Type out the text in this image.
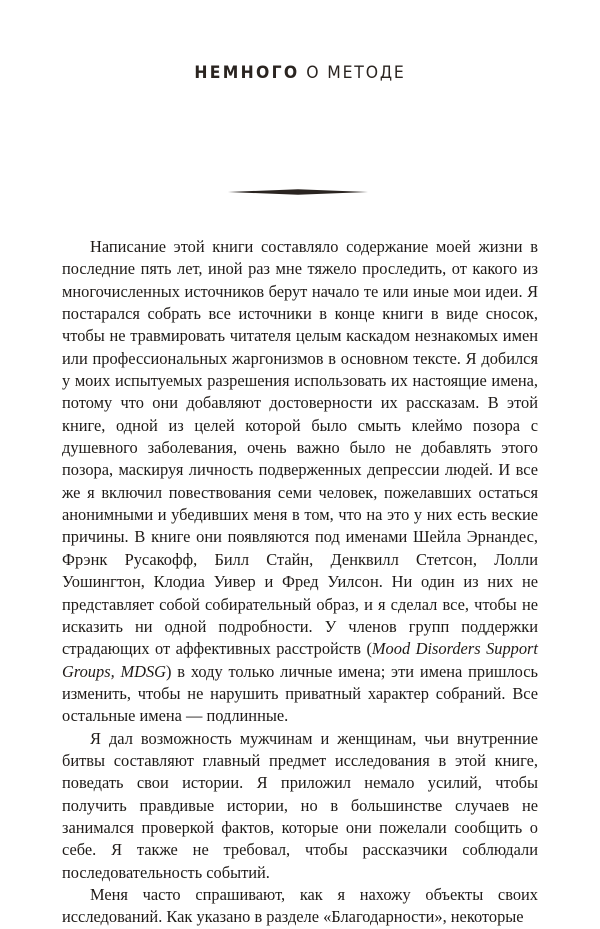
НЕМНОГО О МЕТОДЕ

Написание этой книги составляло содержание моей жизни в последние пять лет, иной раз мне тяжело проследить, от какого из многочисленных источников берут начало те или иные мои идеи. Я постарался собрать все источники в конце книги в виде сносок, чтобы не травмировать читателя целым каскадом незнакомых имен или профессиональных жаргонизмов в основном тексте. Я добился у моих испытуемых разрешения использовать их настоящие имена, потому что они добавляют достоверности их рассказам. В этой книге, одной из целей которой было смыть клеймо позора с душевного заболевания, очень важно было не добавлять этого позора, маскируя личность подверженных депрессии людей. И все же я включил повествования семи человек, пожелавших остаться анонимными и убедивших меня в том, что на это у них есть веские причины. В книге они появляются под именами Шейла Эрнандес, Фрэнк Русакофф, Билл Стайн, Денквилл Стетсон, Лолли Уошингтон, Клодиа Уивер и Фред Уилсон. Ни один из них не представляет собой собирательный образ, и я сделал все, чтобы не исказить ни одной подробности. У членов групп поддержки страдающих от аффективных расстройств (Mood Disorders Support Groups, MDSG) в ходу только личные имена; эти имена пришлось изменить, чтобы не нарушить приватный характер собраний. Все остальные имена — подлинные.

Я дал возможность мужчинам и женщинам, чьи внутренние битвы составляют главный предмет исследования в этой книге, поведать свои истории. Я приложил немало усилий, чтобы получить правдивые истории, но в большинстве случаев не занимался проверкой фактов, которые они пожелали сообщить о себе. Я также не требовал, чтобы рассказчики соблюдали последовательность событий.

Меня часто спрашивают, как я нахожу объекты своих исследований. Как указано в разделе «Благодарности», некоторые
